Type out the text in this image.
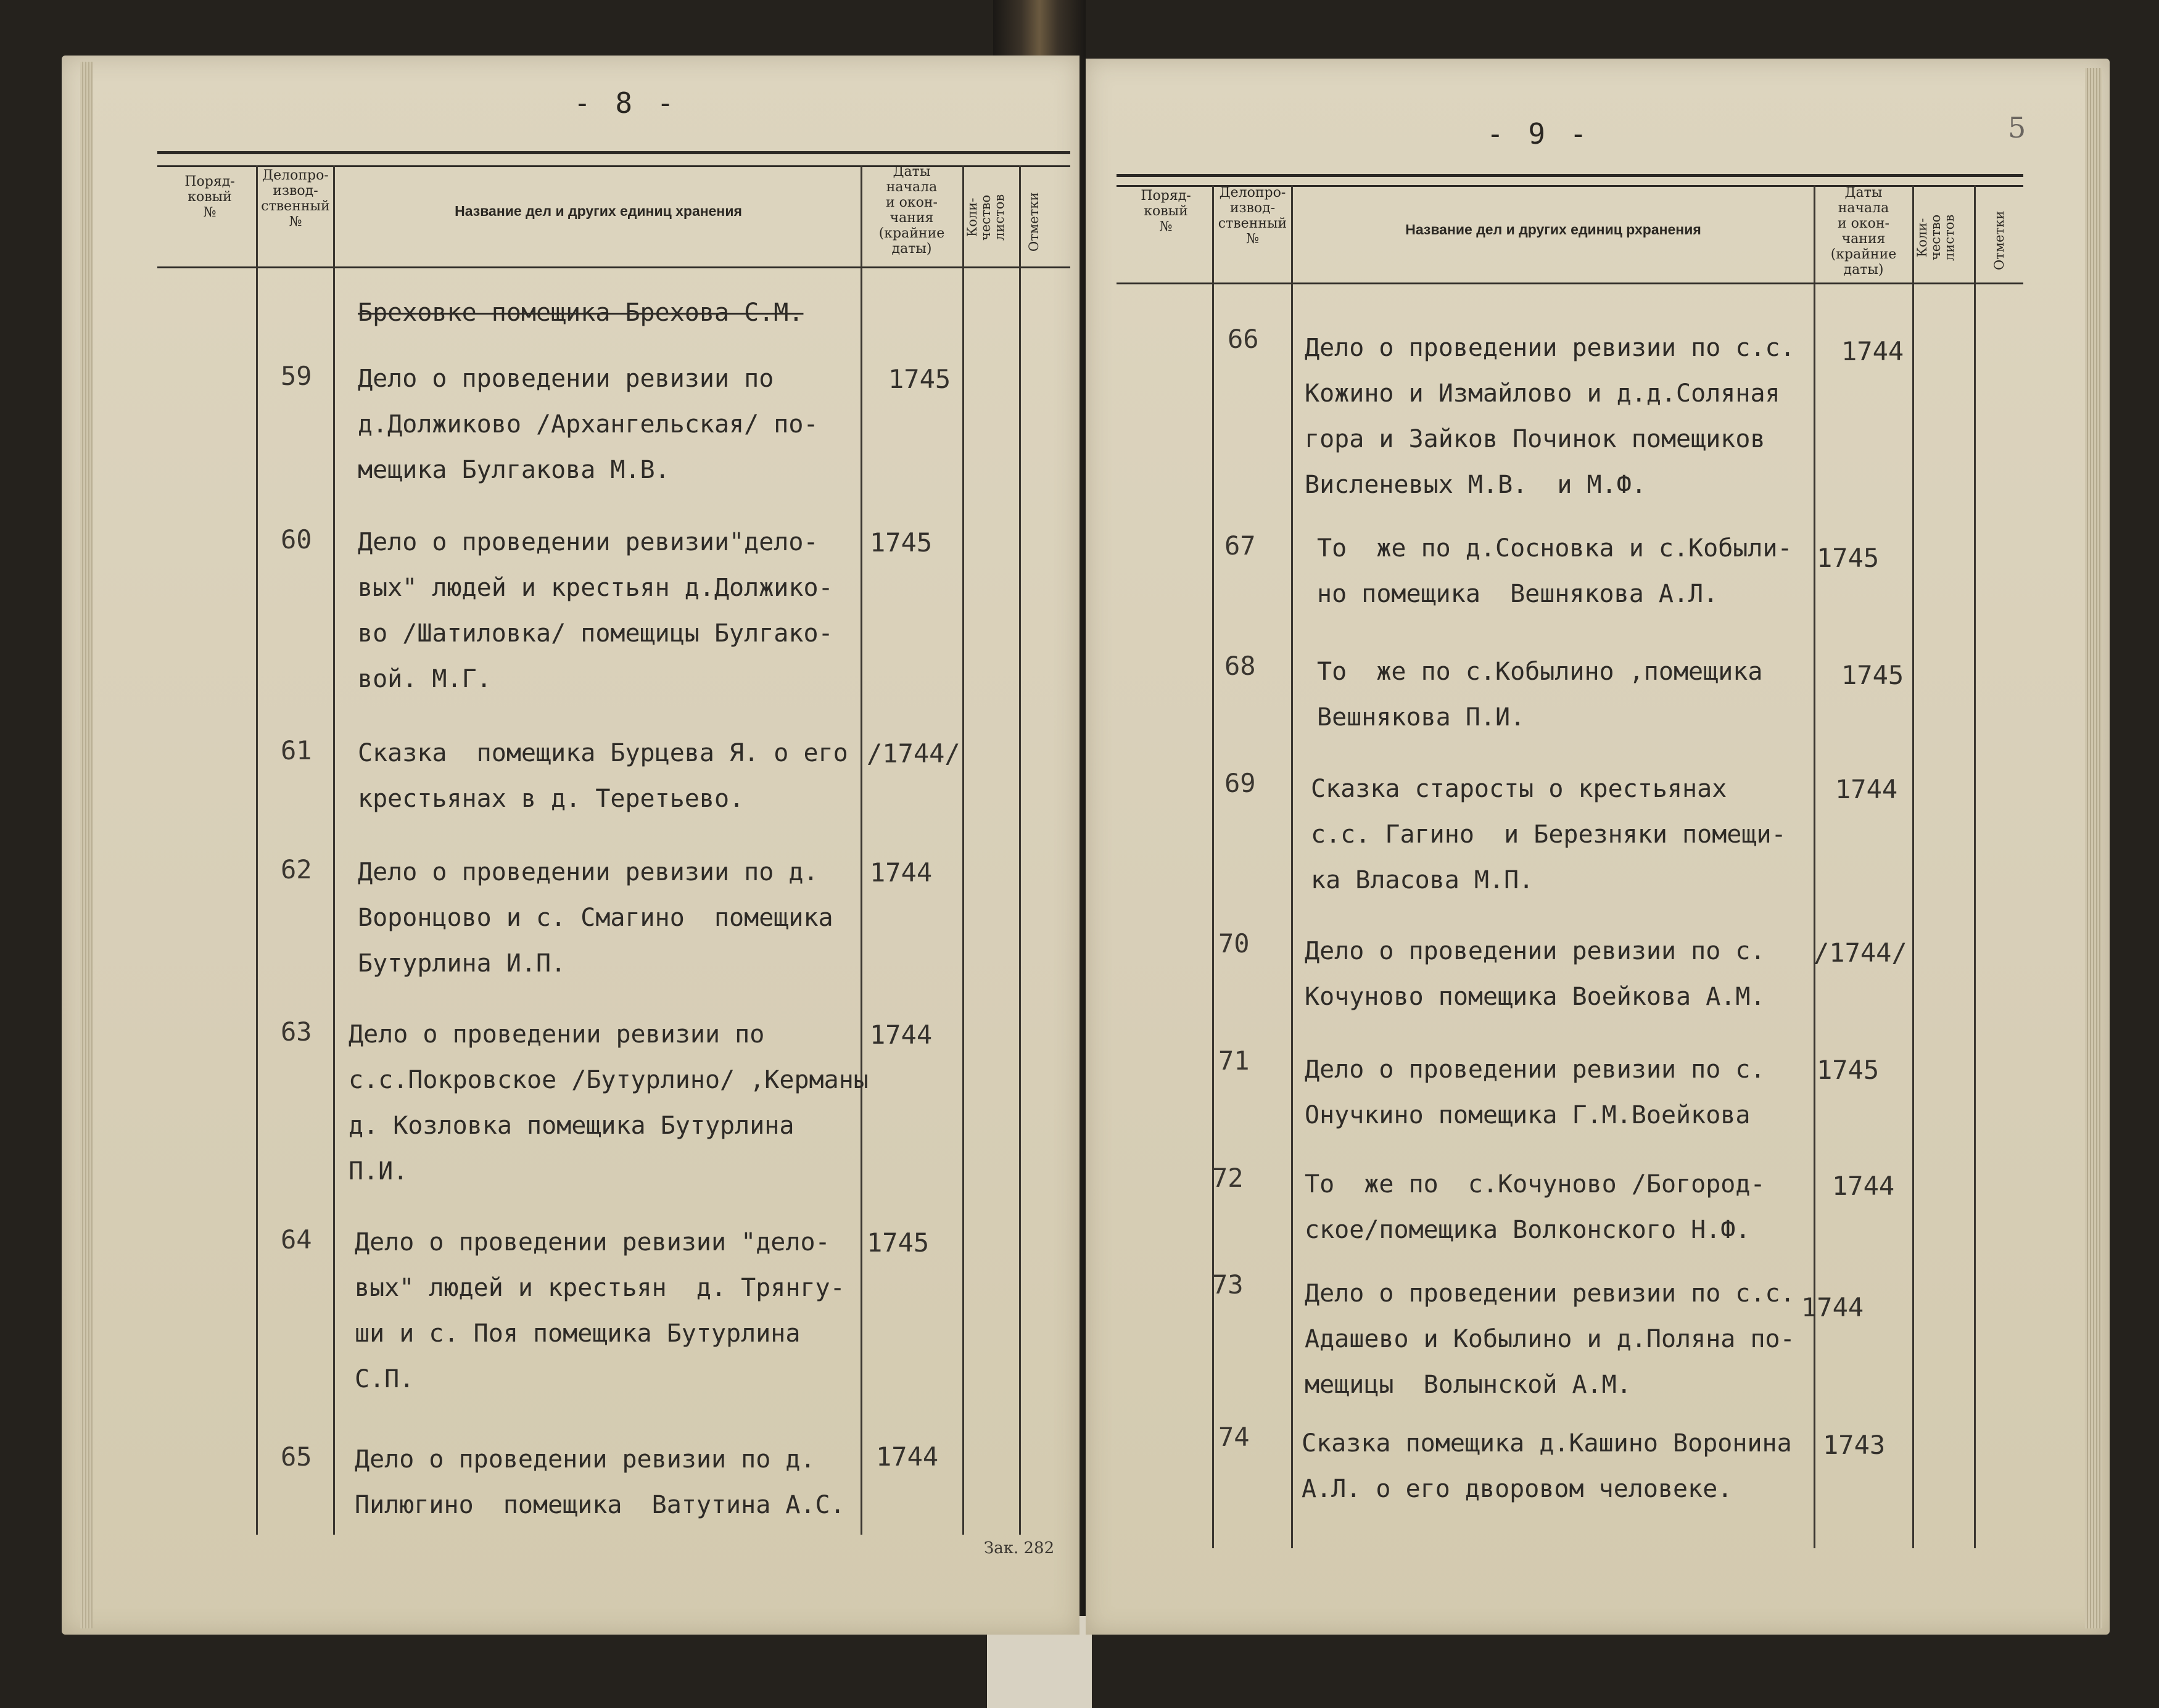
- 8 -
Поряд-
ковый
№
Делопро-
извод-
ственный
№
Название дел и других единиц хранения
Даты
начала
и окон-
чания
(крайние
даты)
Коли-
чество
листов Отметки
Бреховке помещика Брехова С.М.
59 Дело о проведении ревизии по
д.Должиково /Архангельская/ по-
мещика Булгакова М.В.
1745
60 Дело о проведении ревизии"дело-
вых" людей и крестьян д.Должико-
во /Шатиловка/ помещицы Булгако-
вой. М.Г.
1745
61 Сказка  помещика Бурцева Я. о его
крестьянах в д. Теретьево.
/1744/
62 Дело о проведении ревизии по д.
Воронцово и с. Смагино  помещика
Бутурлина И.П.
1744
63 Дело о проведении ревизии по
с.с.Покровское /Бутурлино/ ,Керманы
д. Козловка помещика Бутурлина
П.И.
1744
64 Дело о проведении ревизии "дело-
вых" людей и крестьян  д. Трянгу-
ши и с. Поя помещика Бутурлина
С.П.
1745
65 Дело о проведении ревизии по д.
Пилюгино  помещика  Ватутина А.С.
1744
Зак. 282
- 9 -	5
Поряд-
ковый
№
Делопро-
извод-
ственный
№
Название дел и других единиц рхранения
Даты
начала
и окон-
чания
(крайние
даты)
Коли-
чество
листов	Отметки
66 Дело о проведении ревизии по с.с.
Кожино и Измайлово и д.д.Соляная
гора и Зайков Починок помещиков
Висленевых М.В.  и М.Ф.
1744
67 То  же по д.Сосновка и с.Кобыли-
но помещика  Вешнякова А.Л.
1745
68 То  же по с.Кобылино ,помещика
Вешнякова П.И.
1745
69 Сказка старосты о крестьянах
с.с. Гагино  и Березняки помещи-
ка Власова М.П.
1744
70 Дело о проведении ревизии по с.
Кочуново помещика Воейкова А.М.
/1744/
71 Дело о проведении ревизии по с.
Онучкино помещика Г.М.Воейкова
1745
72 То  же по  с.Кочуново /Богород-
ское/помещика Волконского Н.Ф.
1744
73 Дело о проведении ревизии по с.с.
Адашево и Кобылино и д.Поляна по-
мещицы  Волынской А.М.
1744
74 Сказка помещика д.Кашино Воронина
А.Л. о его дворовом человеке.
1743
